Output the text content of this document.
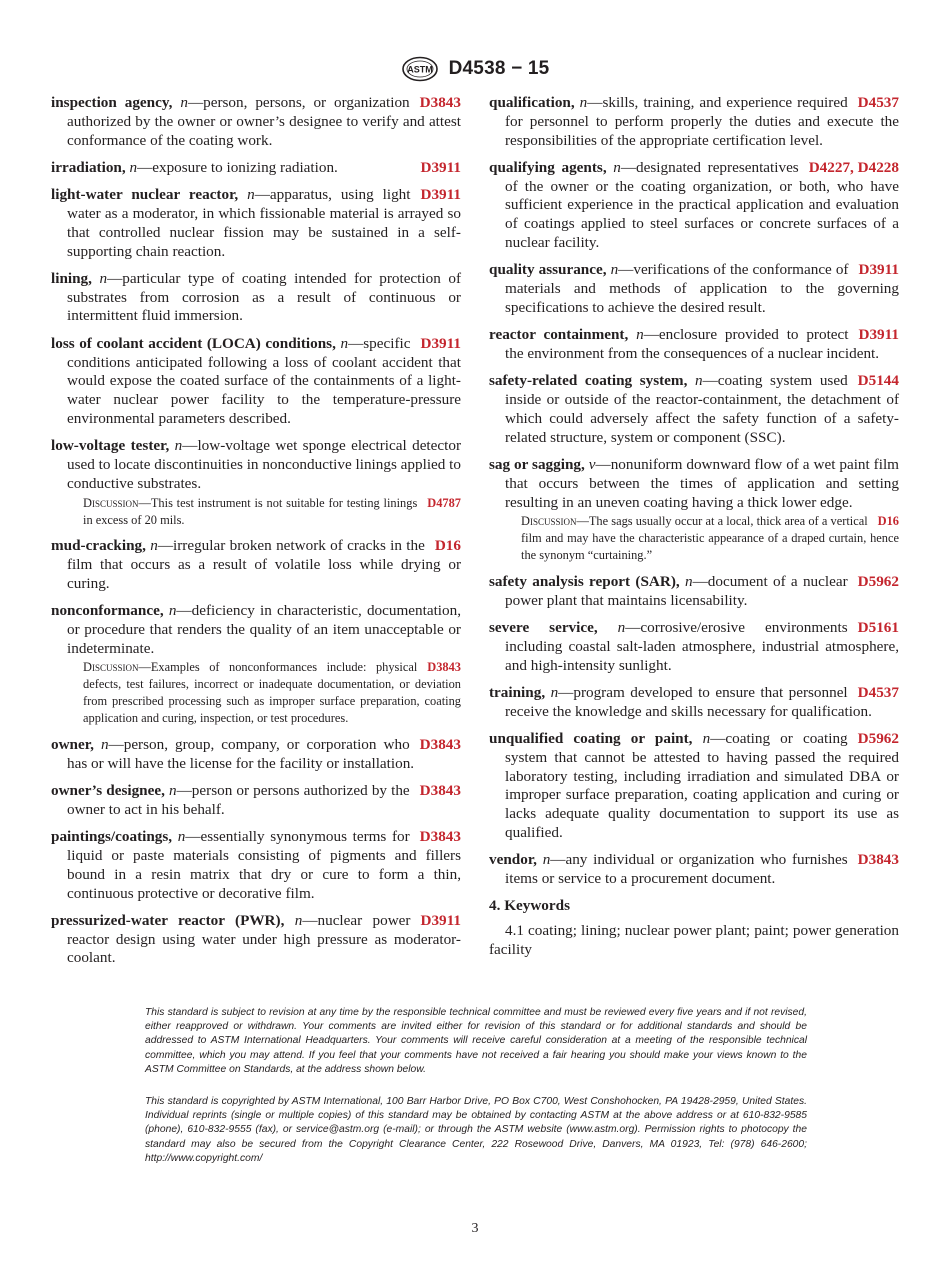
ASTM D4538 − 15
D3843
inspection agency, n—person, persons, or organization authorized by the owner or owner’s designee to verify and attest conformance of the coating work.
D3911
irradiation, n—exposure to ionizing radiation.
D3911
light-water nuclear reactor, n—apparatus, using light water as a moderator, in which fissionable material is arrayed so that controlled nuclear fission may be sustained in a self-supporting chain reaction.
lining, n—particular type of coating intended for protection of substrates from corrosion as a result of continuous or intermittent fluid immersion.
D3911
loss of coolant accident (LOCA) conditions, n—specific conditions anticipated following a loss of coolant accident that would expose the coated surface of the containments of a light-water nuclear power facility to the temperature-pressure environmental parameters described.
low-voltage tester, n—low-voltage wet sponge electrical detector used to locate discontinuities in nonconductive linings applied to conductive substrates.
D4787
Discussion—This test instrument is not suitable for testing linings in excess of 20 mils.
D16
mud-cracking, n—irregular broken network of cracks in the film that occurs as a result of volatile loss while drying or curing.
nonconformance, n—deficiency in characteristic, documentation, or procedure that renders the quality of an item unacceptable or indeterminate.
D3843
Discussion—Examples of nonconformances include: physical defects, test failures, incorrect or inadequate documentation, or deviation from prescribed processing such as improper surface preparation, coating application and curing, inspection, or test procedures.
D3843
owner, n—person, group, company, or corporation who has or will have the license for the facility or installation.
D3843
owner’s designee, n—person or persons authorized by the owner to act in his behalf.
D3843
paintings/coatings, n—essentially synonymous terms for liquid or paste materials consisting of pigments and fillers bound in a resin matrix that dry or cure to form a thin, continuous protective or decorative film.
D3911
pressurized-water reactor (PWR), n—nuclear power reactor design using water under high pressure as moderator-coolant.
D4537
qualification, n—skills, training, and experience required for personnel to perform properly the duties and execute the responsibilities of the appropriate certification level.
D4227, D4228
qualifying agents, n—designated representatives of the owner or the coating organization, or both, who have sufficient experience in the practical application and evaluation of coatings applied to steel surfaces or concrete surfaces of a nuclear facility.
D3911
quality assurance, n—verifications of the conformance of materials and methods of application to the governing specifications to achieve the desired result.
D3911
reactor containment, n—enclosure provided to protect the environment from the consequences of a nuclear incident.
D5144
safety-related coating system, n—coating system used inside or outside of the reactor-containment, the detachment of which could adversely affect the safety function of a safety-related structure, system or component (SSC).
sag or sagging, v—nonuniform downward flow of a wet paint film that occurs between the times of application and setting resulting in an uneven coating having a thick lower edge.
D16
Discussion—The sags usually occur at a local, thick area of a vertical film and may have the characteristic appearance of a draped curtain, hence the synonym “curtaining.”
D5962
safety analysis report (SAR), n—document of a nuclear power plant that maintains licensability.
D5161
severe service, n—corrosive/erosive environments including coastal salt-laden atmosphere, industrial atmosphere, and high-intensity sunlight.
D4537
training, n—program developed to ensure that personnel receive the knowledge and skills necessary for qualification.
D5962
unqualified coating or paint, n—coating or coating system that cannot be attested to having passed the required laboratory testing, including irradiation and simulated DBA or improper surface preparation, coating application and curing or lacks adequate quality documentation to support its use as qualified.
D3843
vendor, n—any individual or organization who furnishes items or service to a procurement document.
4. Keywords
4.1 coating; lining; nuclear power plant; paint; power generation facility
This standard is subject to revision at any time by the responsible technical committee and must be reviewed every five years and if not revised, either reapproved or withdrawn. Your comments are invited either for revision of this standard or for additional standards and should be addressed to ASTM International Headquarters. Your comments will receive careful consideration at a meeting of the responsible technical committee, which you may attend. If you feel that your comments have not received a fair hearing you should make your views known to the ASTM Committee on Standards, at the address shown below.
This standard is copyrighted by ASTM International, 100 Barr Harbor Drive, PO Box C700, West Conshohocken, PA 19428-2959, United States. Individual reprints (single or multiple copies) of this standard may be obtained by contacting ASTM at the above address or at 610-832-9585 (phone), 610-832-9555 (fax), or service@astm.org (e-mail); or through the ASTM website (www.astm.org). Permission rights to photocopy the standard may also be secured from the Copyright Clearance Center, 222 Rosewood Drive, Danvers, MA 01923, Tel: (978) 646-2600; http://www.copyright.com/
3
